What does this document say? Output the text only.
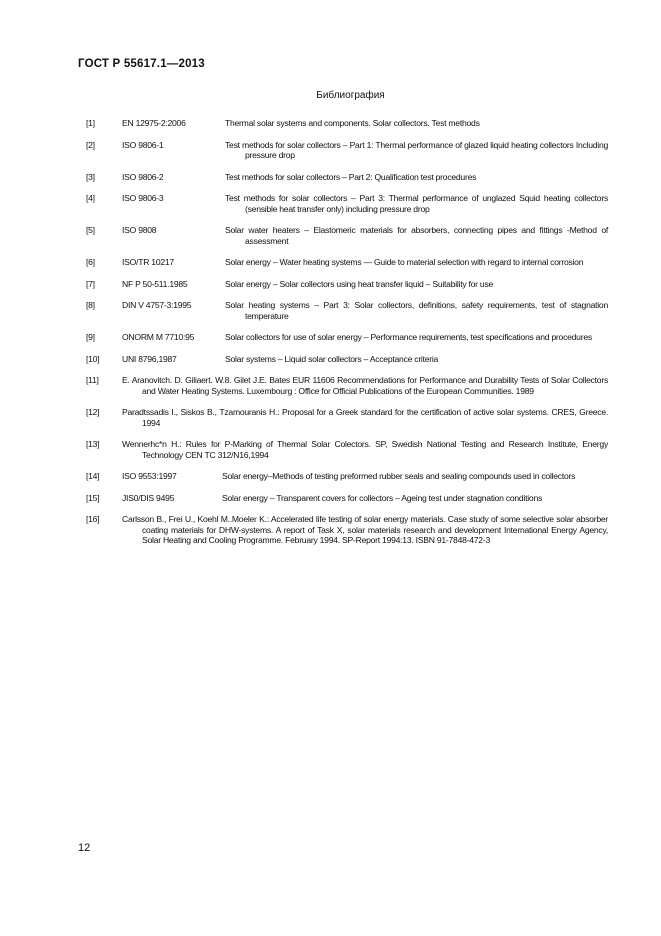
ГОСТ Р 55617.1—2013
Библиография
[1]	EN 12975-2:2006	Thermal solar systems and components. Solar collectors. Test methods
[2]	ISO 9806-1	Test methods for solar collectors – Part 1: Thermal performance of glazed liquid heating collectors Including pressure drop
[3]	ISO 9806-2	Test methods for solar collectors – Part 2: Qualification test procedures
[4]	ISO 9806-3	Test methods for solar collectors – Part 3: Thermal performance of unglazed Squid heating collectors (sensible heat transfer only) including pressure drop
[5]	ISO 9808	Solar water heaters – Elastomeric materials for absorbers, connecting pipes and fittings -Method of assessment
[6]	ISO/TR 10217	Solar energy – Water heating systems — Guide to material selection with regard to internal corrosion
[7]	NF P 50-511.1985	Solar energy – Solar collectors using heat transfer liquid – Suitability for use
[8]	DIN V 4757-3:1995	Solar heating systems – Part 3: Solar collectors, definitions, safety requirements, test of stagnation temperature
[9]	ONORM M 7710:95	Solar collectors for use of solar energy – Performance requirements, test specifications and procedures
[10]	UNI 8796,1987	Solar systems – Liquid solar collectors – Acceptance criteria
[11]	E. Aranovitch. D. Giliaert. W.8. Gilet J.E. Bates EUR 11606 Recommendations for Performance and Durability Tests of Solar Collectors and Water Heating Systems. Luxembourg : Office for Official Publications of the European Communities. 1989
[12]	Paradtssadis I., Siskos B., Tzamouranis H.: Proposal for a Greek standard for the certification of active solar systems. CRES, Greece. 1994
[13]	Wennerhc*n H.: Rules for P-Marking of Thermal Solar Colectors. SP, Swedish National Testing and Research Institute, Energy Technology CEN TC 312/N16,1994
[14]	ISO 9553:1997	Solar energy–Methods of testing preformed rubber seals and sealing compounds used in collectors
[15]	JIS0/DIS 9495	Solar energy – Transparent covers for collectors – Ageing test under stagnation conditions
[16]	Carlsson B., Frei U., Koehl M..Moeler K.: Accelerated life testing of solar energy materials. Case study of some selective solar absorber coating materials for DHW-systems. A report of Task X, solar materials research and development International Energy Agency, Solar Heating and Cooling Programme. February 1994. SP-Report 1994:13. ISBN 91-7848-472-3
12
